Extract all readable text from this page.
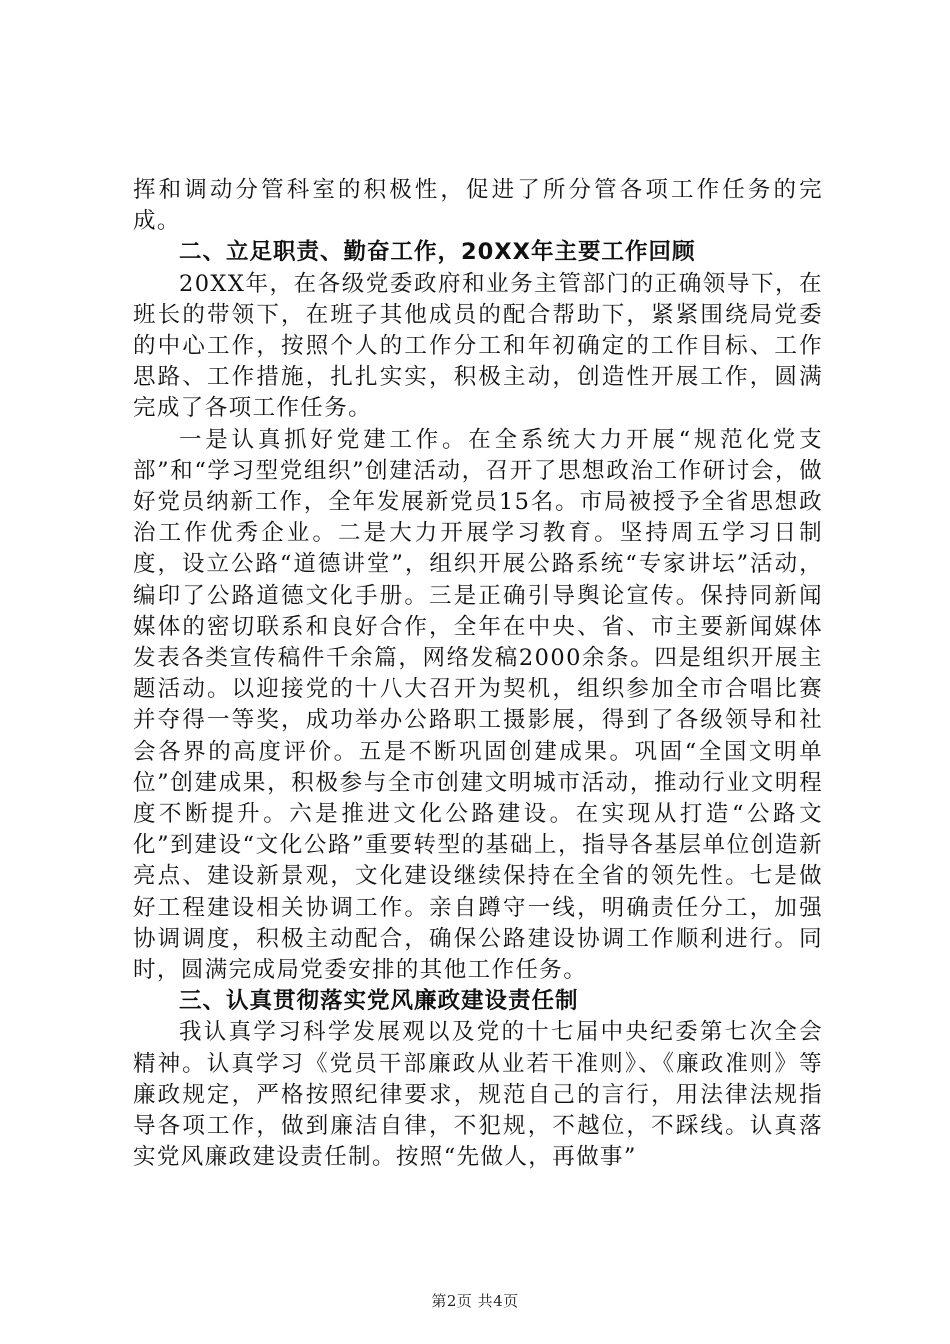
挥和调动分管科室的积极性，促进了所分管各项工作任务的完成。

二、立足职责、勤奋工作，20XX年主要工作回顾

20XX年，在各级党委政府和业务主管部门的正确领导下，在班长的带领下，在班子其他成员的配合帮助下，紧紧围绕局党委的中心工作，按照个人的工作分工和年初确定的工作目标、工作思路、工作措施，扎扎实实，积极主动，创造性开展工作，圆满完成了各项工作任务。

一是认真抓好党建工作。在全系统大力开展“规范化党支部”和“学习型党组织”创建活动，召开了思想政治工作研讨会，做好党员纳新工作，全年发展新党员15名。市局被授予全省思想政治工作优秀企业。二是大力开展学习教育。坚持周五学习日制度，设立公路“道德讲堂”，组织开展公路系统“专家讲坛”活动，编印了公路道德文化手册。三是正确引导舆论宣传。保持同新闻媒体的密切联系和良好合作，全年在中央、省、市主要新闻媒体发表各类宣传稿件千余篇，网络发稿2000余条。四是组织开展主题活动。以迎接党的十八大召开为契机，组织参加全市合唱比赛并夺得一等奖，成功举办公路职工摄影展，得到了各级领导和社会各界的高度评价。五是不断巩固创建成果。巩固“全国文明单位”创建成果，积极参与全市创建文明城市活动，推动行业文明程度不断提升。六是推进文化公路建设。在实现从打造“公路文化”到建设“文化公路”重要转型的基础上，指导各基层单位创造新亮点、建设新景观，文化建设继续保持在全省的领先性。七是做好工程建设相关协调工作。亲自蹲守一线，明确责任分工，加强协调调度，积极主动配合，确保公路建设协调工作顺利进行。同时，圆满完成局党委安排的其他工作任务。

三、认真贯彻落实党风廉政建设责任制

我认真学习科学发展观以及党的十七届中央纪委第七次全会精神。认真学习《党员干部廉政从业若干准则》、《廉政准则》等廉政规定，严格按照纪律要求，规范自己的言行，用法律法规指导各项工作，做到廉洁自律，不犯规，不越位，不踩线。认真落实党风廉政建设责任制。按照“先做人，再做事”

第2页 共4页
